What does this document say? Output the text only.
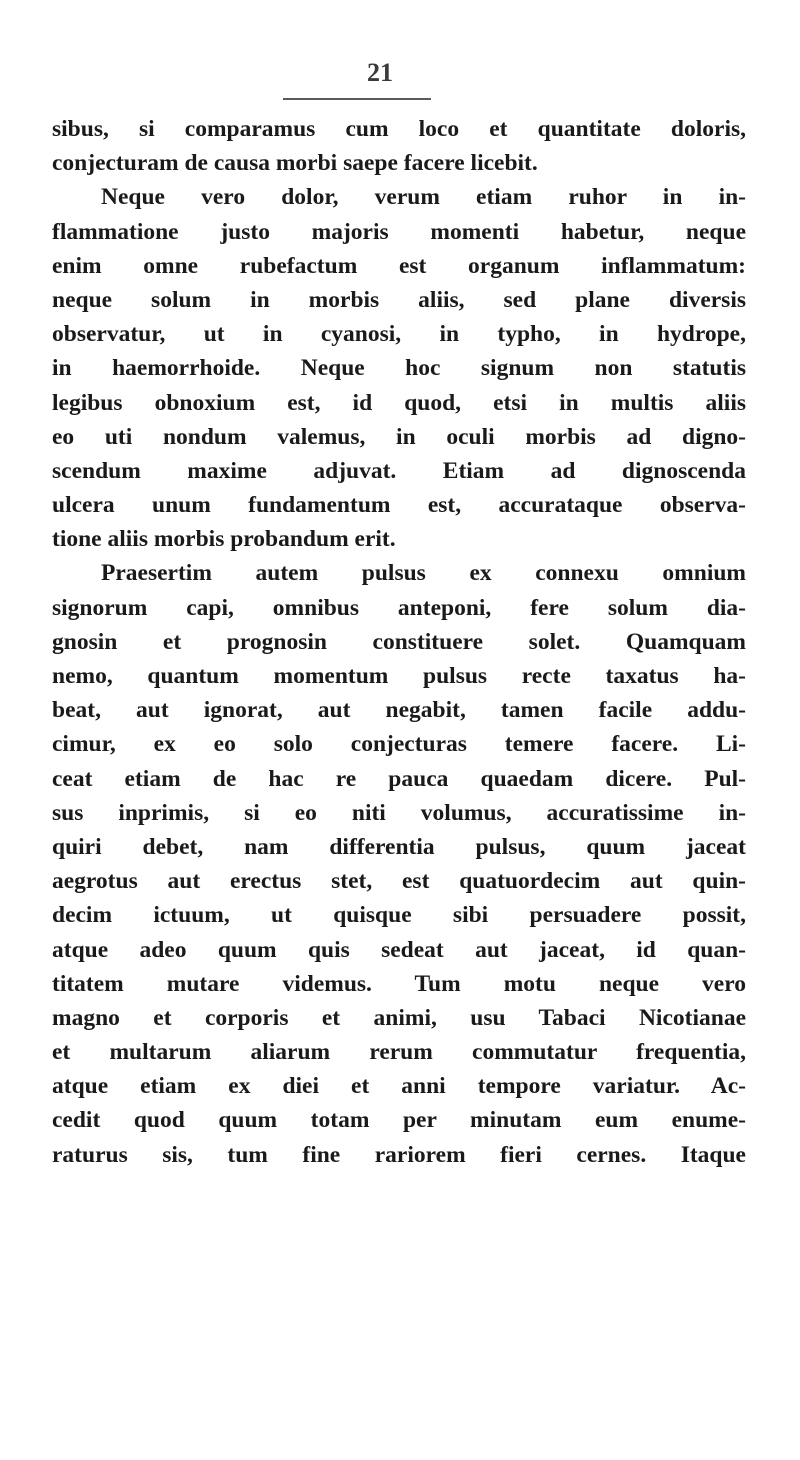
21
sibus, si comparamus cum loco et quantitate doloris,
conjecturam de causa morbi saepe facere licebit.
Neque vero dolor, verum etiam ruhor in in-
flammatione justo majoris momenti habetur, neque
enim omne rubefactum est organum inflammatum:
neque solum in morbis aliis, sed plane diversis
observatur, ut in cyanosi, in typho, in hydrope,
in haemorrhoide. Neque hoc signum non statutis
legibus obnoxium est, id quod, etsi in multis aliis
eo uti nondum valemus, in oculi morbis ad digno-
scendum maxime adjuvat. Etiam ad dignoscenda
ulcera unum fundamentum est, accurataque observa-
tione aliis morbis probandum erit.
Praesertim autem pulsus ex connexu omnium
signorum capi, omnibus anteponi, fere solum dia-
gnosin et prognosin constituere solet. Quamquam
nemo, quantum momentum pulsus recte taxatus ha-
beat, aut ignorat, aut negabit, tamen facile addu-
cimur, ex eo solo conjecturas temere facere. Li-
ceat etiam de hac re pauca quaedam dicere. Pul-
sus inprimis, si eo niti volumus, accuratissime in-
quiri debet, nam differentia pulsus, quum jaceat
aegrotus aut erectus stet, est quatuordecim aut quin-
decim ictuum, ut quisque sibi persuadere possit,
atque adeo quum quis sedeat aut jaceat, id quan-
titatem mutare videmus. Tum motu neque vero
magno et corporis et animi, usu Tabaci Nicotianae
et multarum aliarum rerum commutatur frequentia,
atque etiam ex diei et anni tempore variatur. Ac-
cedit quod quum totam per minutam eum enume-
raturus sis, tum fine rariorem fieri cernes. Itaque
